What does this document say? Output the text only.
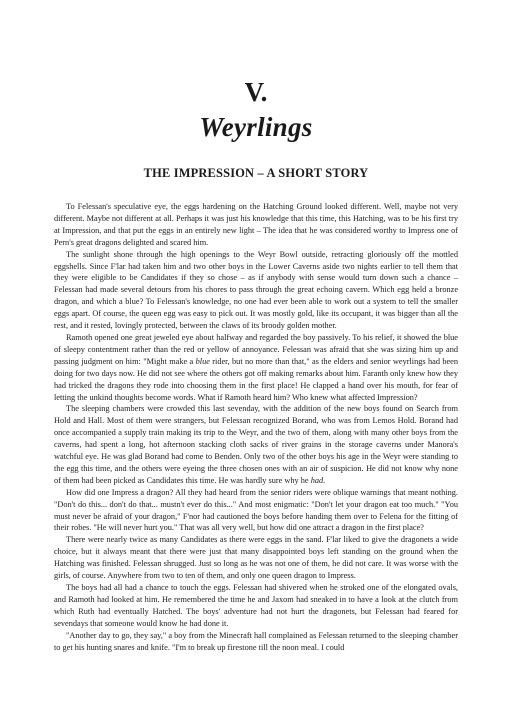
V.
Weyrlings
THE IMPRESSION – A SHORT STORY

To Felessan's speculative eye, the eggs hardening on the Hatching Ground looked different. Well, maybe not very different. Maybe not different at all. Perhaps it was just his knowledge that this time, this Hatching, was to be his first try at Impression, and that put the eggs in an entirely new light – The idea that he was considered worthy to Impress one of Pern's great dragons delighted and scared him.

The sunlight shone through the high openings to the Weyr Bowl outside, retracting gloriously off the mottled eggshells. Since F'lar had taken him and two other boys in the Lower Caverns aside two nights earlier to tell them that they were eligible to be Candidates if they so chose – as if anybody with sense would turn down such a chance – Felessan had made several detours from his chores to pass through the great echoing cavern. Which egg held a bronze dragon, and which a blue? To Felessan's knowledge, no one had ever been able to work out a system to tell the smaller eggs apart. Of course, the queen egg was easy to pick out. It was mostly gold, like its occupant, it was bigger than all the rest, and it rested, lovingly protected, between the claws of its broody golden mother.

Ramoth opened one great jeweled eye about halfway and regarded the boy passively. To his relief, it showed the blue of sleepy contentment rather than the red or yellow of annoyance. Felessan was afraid that she was sizing him up and passing judgment on him: "Might make a blue rider, but no more than that," as the elders and senior weyrlings had been doing for two days now. He did not see where the others got off making remarks about him. Faranth only knew how they had tricked the dragons they rode into choosing them in the first place! He clapped a hand over his mouth, for fear of letting the unkind thoughts become words. What if Ramoth heard him? Who knew what affected Impression?

The sleeping chambers were crowded this last sevenday, with the addition of the new boys found on Search from Hold and Hall. Most of them were strangers, but Felessan recognized Borand, who was from Lemos Hold. Borand had once accompanied a supply train making its trip to the Weyr, and the two of them, along with many other boys from the caverns, had spent a long, hot afternoon stacking cloth sacks of river grains in the storage caverns under Manora's watchful eye. He was glad Borand had come to Benden. Only two of the other boys his age in the Weyr were standing to the egg this time, and the others were eyeing the three chosen ones with an air of suspicion. He did not know why none of them had been picked as Candidates this time. He was hardly sure why he had.

How did one Impress a dragon? All they had heard from the senior riders were oblique warnings that meant nothing. "Don't do this... don't do that... mustn't ever do this..." And most enigmatic: "Don't let your dragon eat too much." "You must never be afraid of your dragon," F'nor had cautioned the boys before handing them over to Felena for the fitting of their robes. "He will never hurt you." That was all very well, but how did one attract a dragon in the first place?

There were nearly twice as many Candidates as there were eggs in the sand. F'lar liked to give the dragonets a wide choice, but it always meant that there were just that many disappointed boys left standing on the ground when the Hatching was finished. Felessan shrugged. Just so long as he was not one of them, he did not care. It was worse with the girls, of course. Anywhere from two to ten of them, and only one queen dragon to Impress.

The boys had all had a chance to touch the eggs. Felessan had shivered when he stroked one of the elongated ovals, and Ramoth had looked at him. He remembered the time he and Jaxom had sneaked in to have a look at the clutch from which Ruth had eventually Hatched. The boys' adventure had not hurt the dragonets, but Felessan had feared for sevendays that someone would know he had done it.

"Another day to go, they say," a boy from the Minecraft hall complained as Felessan returned to the sleeping chamber to get his hunting snares and knife. "I'm to break up firestone till the noon meal. I could
